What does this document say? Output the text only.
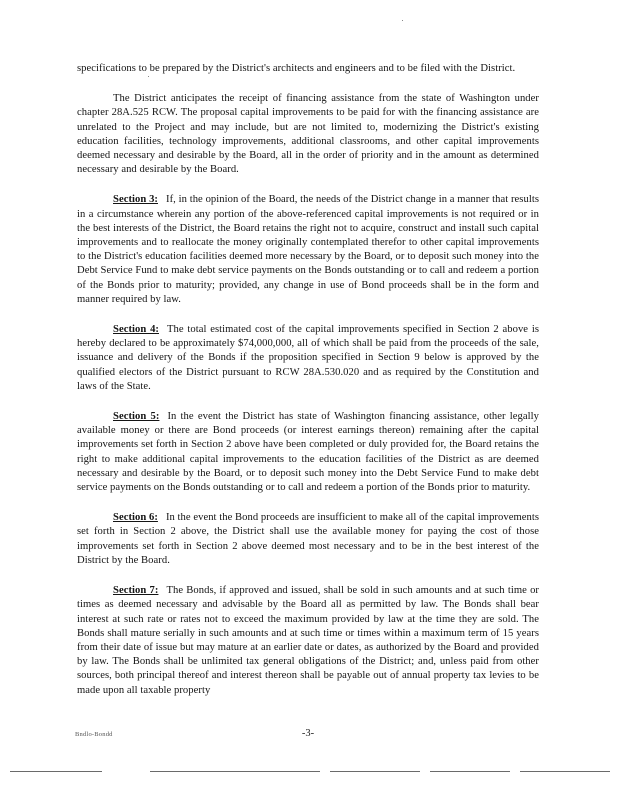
specifications to be prepared by the District's architects and engineers and to be filed with the District.

The District anticipates the receipt of financing assistance from the state of Washington under chapter 28A.525 RCW. The proposal capital improvements to be paid for with the financing assistance are unrelated to the Project and may include, but are not limited to, modernizing the District's existing education facilities, technology improvements, additional classrooms, and other capital improvements deemed necessary and desirable by the Board, all in the order of priority and in the amount as determined necessary and desirable by the Board.

Section 3: If, in the opinion of the Board, the needs of the District change in a manner that results in a circumstance wherein any portion of the above-referenced capital improvements is not required or in the best interests of the District, the Board retains the right not to acquire, construct and install such capital improvements and to reallocate the money originally contemplated therefor to other capital improvements to the District's education facilities deemed more necessary by the Board, or to deposit such money into the Debt Service Fund to make debt service payments on the Bonds outstanding or to call and redeem a portion of the Bonds prior to maturity; provided, any change in use of Bond proceeds shall be in the form and manner required by law.

Section 4: The total estimated cost of the capital improvements specified in Section 2 above is hereby declared to be approximately $74,000,000, all of which shall be paid from the proceeds of the sale, issuance and delivery of the Bonds if the proposition specified in Section 9 below is approved by the qualified electors of the District pursuant to RCW 28A.530.020 and as required by the Constitution and laws of the State.

Section 5: In the event the District has state of Washington financing assistance, other legally available money or there are Bond proceeds (or interest earnings thereon) remaining after the capital improvements set forth in Section 2 above have been completed or duly provided for, the Board retains the right to make additional capital improvements to the education facilities of the District as are deemed necessary and desirable by the Board, or to deposit such money into the Debt Service Fund to make debt service payments on the Bonds outstanding or to call and redeem a portion of the Bonds prior to maturity.

Section 6: In the event the Bond proceeds are insufficient to make all of the capital improvements set forth in Section 2 above, the District shall use the available money for paying the cost of those improvements set forth in Section 2 above deemed most necessary and to be in the best interest of the District by the Board.

Section 7: The Bonds, if approved and issued, shall be sold in such amounts and at such time or times as deemed necessary and advisable by the Board all as permitted by law. The Bonds shall bear interest at such rate or rates not to exceed the maximum provided by law at the time they are sold. The Bonds shall mature serially in such amounts and at such time or times within a maximum term of 15 years from their date of issue but may mature at an earlier date or dates, as authorized by the Board and provided by law. The Bonds shall be unlimited tax general obligations of the District; and, unless paid from other sources, both principal thereof and interest thereon shall be payable out of annual property tax levies to be made upon all taxable property

Bndlo-Bondd	-3-
